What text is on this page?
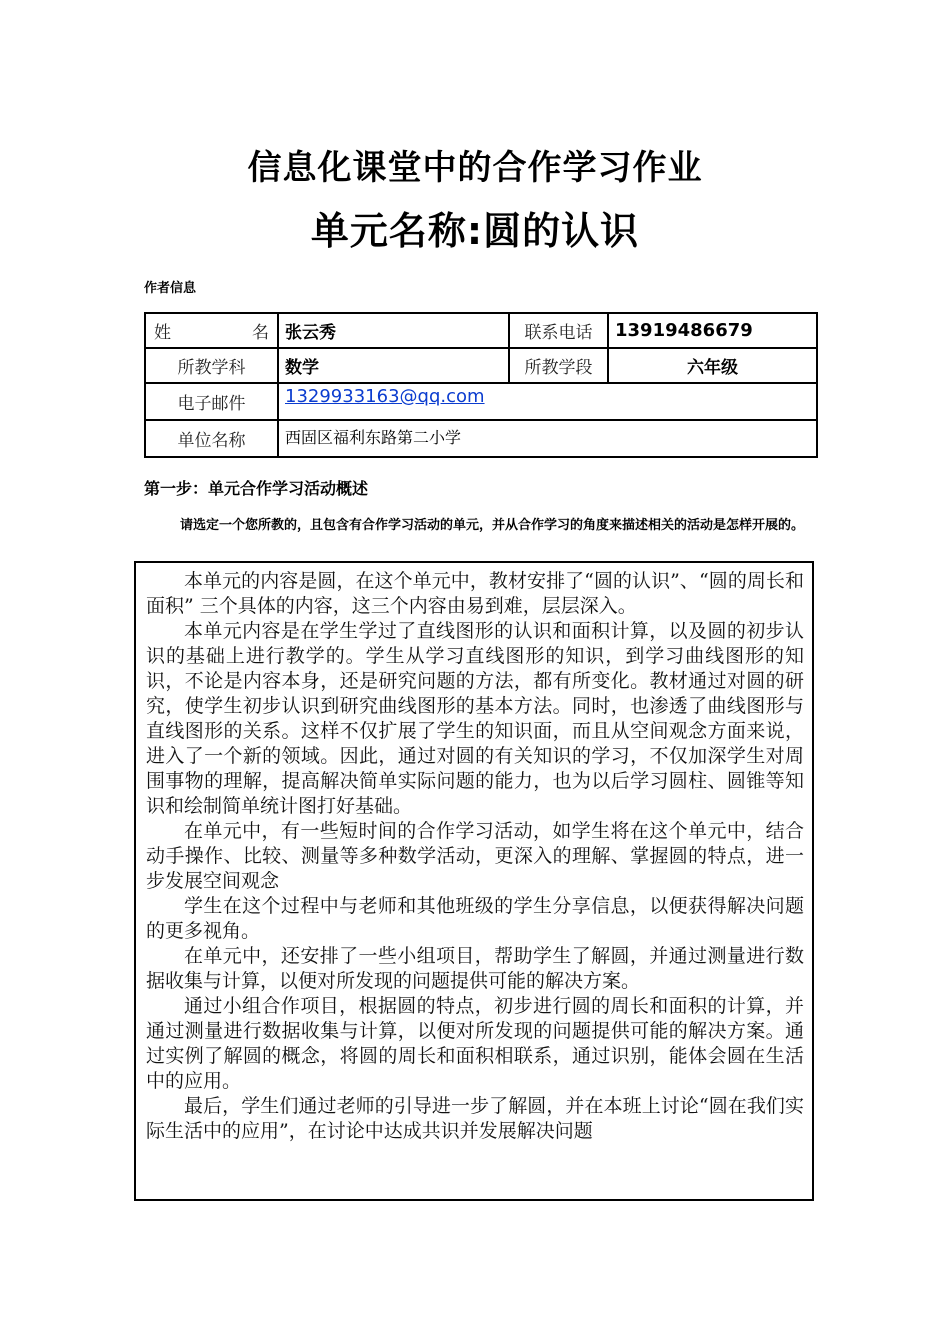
信息化课堂中的合作学习作业
单元名称:圆的认识
作者信息
姓 名	张云秀	联系电话	13919486679
所教学科	数学	所教学段	六年级
电子邮件	1329933163@qq.com		
单位名称	西固区福利东路第二小学		
第一步：单元合作学习活动概述
请选定一个您所教的，且包含有合作学习活动的单元，并从合作学习的角度来描述相关的活动是怎样开展的。

本单元的内容是圆，在这个单元中，教材安排了“圆的认识”、“圆的周长和面积” 三个具体的内容，这三个内容由易到难，层层深入。

本单元内容是在学生学过了直线图形的认识和面积计算，以及圆的初步认识的基础上进行教学的。学生从学习直线图形的知识，到学习曲线图形的知识，不论是内容本身，还是研究问题的方法，都有所变化。教材通过对圆的研究，使学生初步认识到研究曲线图形的基本方法。同时，也渗透了曲线图形与直线图形的关系。这样不仅扩展了学生的知识面，而且从空间观念方面来说，进入了一个新的领域。因此，通过对圆的有关知识的学习，不仅加深学生对周围事物的理解，提高解决简单实际问题的能力，也为以后学习圆柱、圆锥等知识和绘制简单统计图打好基础。

在单元中，有一些短时间的合作学习活动，如学生将在这个单元中，结合动手操作、比较、测量等多种数学活动，更深入的理解、掌握圆的特点，进一步发展空间观念

学生在这个过程中与老师和其他班级的学生分享信息，以便获得解决问题的更多视角。

在单元中，还安排了一些小组项目，帮助学生了解圆，并通过测量进行数据收集与计算，以便对所发现的问题提供可能的解决方案。

通过小组合作项目，根据圆的特点，初步进行圆的周长和面积的计算，并通过测量进行数据收集与计算，以便对所发现的问题提供可能的解决方案。通过实例了解圆的概念，将圆的周长和面积相联系，通过识别，能体会圆在生活中的应用。

最后，学生们通过老师的引导进一步了解圆，并在本班上讨论“圆在我们实际生活中的应用”，在讨论中达成共识并发展解决问题
